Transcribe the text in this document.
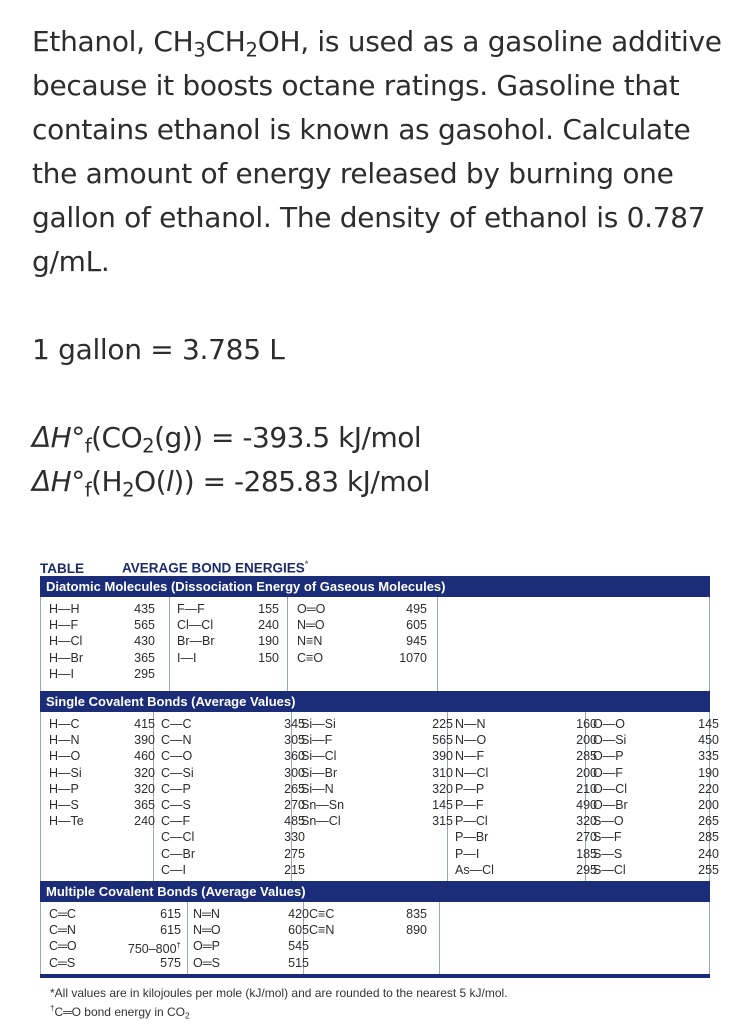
Ethanol, $CH_3CH_2OH$, is used as a gasoline additive because it boosts octane ratings. Gasoline that contains ethanol is known as gasohol. Calculate the amount of energy released by burning one gallon of ethanol. The density of ethanol is 0.787 g/mL.

1 gallon = 3.785 L

$\Delta H^\circ_f(CO_2(g)) = -393.5$ kJ/mol

$\Delta H^\circ_f(H_2O(l)) = -285.83$ kJ/mol

TABLE	AVERAGE BOND ENERGIES*
Diatomic Molecules (Dissociation Energy of Gaseous Molecules)
H—H
H—F
H—Cl
H—Br
H—I
435
565
430
365
295
F—F
Cl—Cl
Br—Br
I—I
155
240
190
150
O═O
N═O
N≡N
C≡O
495
605
945
1070
Single Covalent Bonds (Average Values)
H—C
H—N
H—O
H—Si
H—P
H—S
H—Te
415
390
460
320
320
365
240
C—C
C—N
C—O
C—Si
C—P
C—S
C—F
C—Cl
C—Br
C—I
345
305
360
300
265
270
485
330
275
215
Si—Si
Si—F
Si—Cl
Si—Br
Si—N
Sn—Sn
Sn—Cl
225
565
390
310
320
145
315
N—N
N—O
N—F
N—Cl
P—P
P—F
P—Cl
P—Br
P—I
As—Cl
160
200
285
200
210
490
320
270
185
295
O—O
O—Si
O—P
O—F
O—Cl
O—Br
S—O
S—F
S—S
S—Cl
145
450
335
190
220
200
265
285
240
255
Multiple Covalent Bonds (Average Values)
C═C
C═N
C═O
C═S
615
615
750–800†
575
N═N
N═O
O═P
O═S
420
605
545
515
C≡C
C≡N
835
890
*All values are in kilojoules per mole (kJ/mol) and are rounded to the nearest 5 kJ/mol.
†C═O bond energy in $CO_2$
